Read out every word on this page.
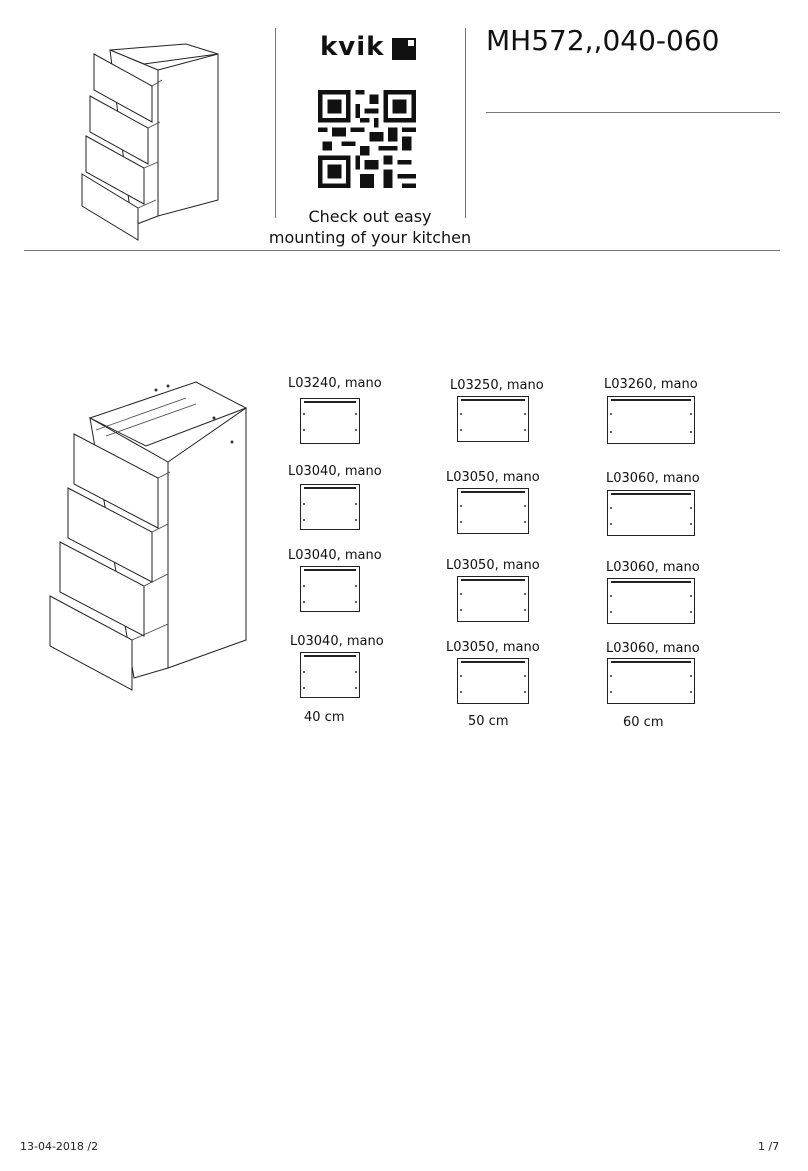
kvik
Check out easy
mounting of your kitchen
MH572,,040-060
L03240, mano
L03040, mano
L03040, mano
L03040, mano
40 cm
L03250, mano
L03050, mano
L03050, mano
L03050, mano
50 cm
L03260, mano
L03060, mano
L03060, mano
L03060, mano
60 cm
13-04-2018 /2	1 /7
